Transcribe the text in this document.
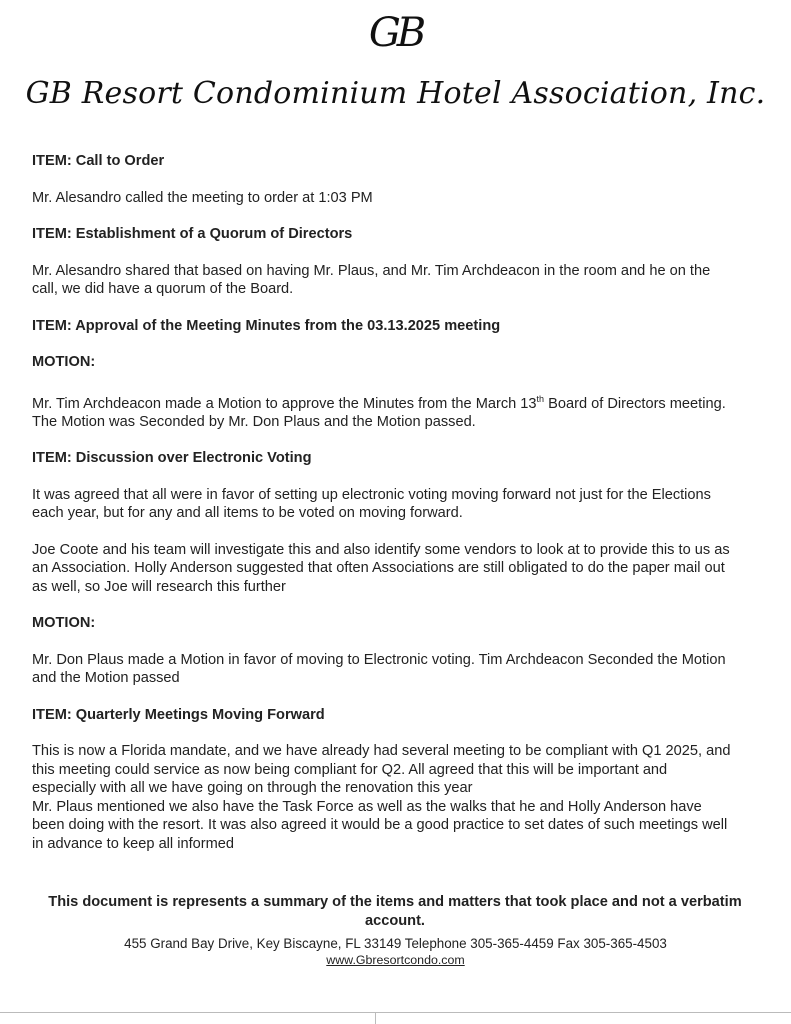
GB
GB Resort Condominium Hotel Association, Inc.

ITEM: Call to Order

Mr. Alesandro called the meeting to order at 1:03 PM

ITEM: Establishment of a Quorum of Directors

Mr. Alesandro shared that based on having Mr. Plaus, and Mr. Tim Archdeacon in the room and he on the call, we did have a quorum of the Board.

ITEM: Approval of the Meeting Minutes from the 03.13.2025 meeting

MOTION:

Mr. Tim Archdeacon made a Motion to approve the Minutes from the March 13th Board of Directors meeting. The Motion was Seconded by Mr. Don Plaus and the Motion passed.

ITEM: Discussion over Electronic Voting

It was agreed that all were in favor of setting up electronic voting moving forward not just for the Elections each year, but for any and all items to be voted on moving forward.

Joe Coote and his team will investigate this and also identify some vendors to look at to provide this to us as an Association. Holly Anderson suggested that often Associations are still obligated to do the paper mail out as well, so Joe will research this further

MOTION:

Mr. Don Plaus made a Motion in favor of moving to Electronic voting. Tim Archdeacon Seconded the Motion and the Motion passed

ITEM: Quarterly Meetings Moving Forward

This is now a Florida mandate, and we have already had several meeting to be compliant with Q1 2025, and this meeting could service as now being compliant for Q2. All agreed that this will be important and especially with all we have going on through the renovation this year

Mr. Plaus mentioned we also have the Task Force as well as the walks that he and Holly Anderson have been doing with the resort. It was also agreed it would be a good practice to set dates of such meetings well in advance to keep all informed

This document is represents a summary of the items and matters that took place and not a verbatim account.
455 Grand Bay Drive, Key Biscayne, FL 33149 Telephone 305-365-4459 Fax 305-365-4503
www.Gbresortcondo.com
